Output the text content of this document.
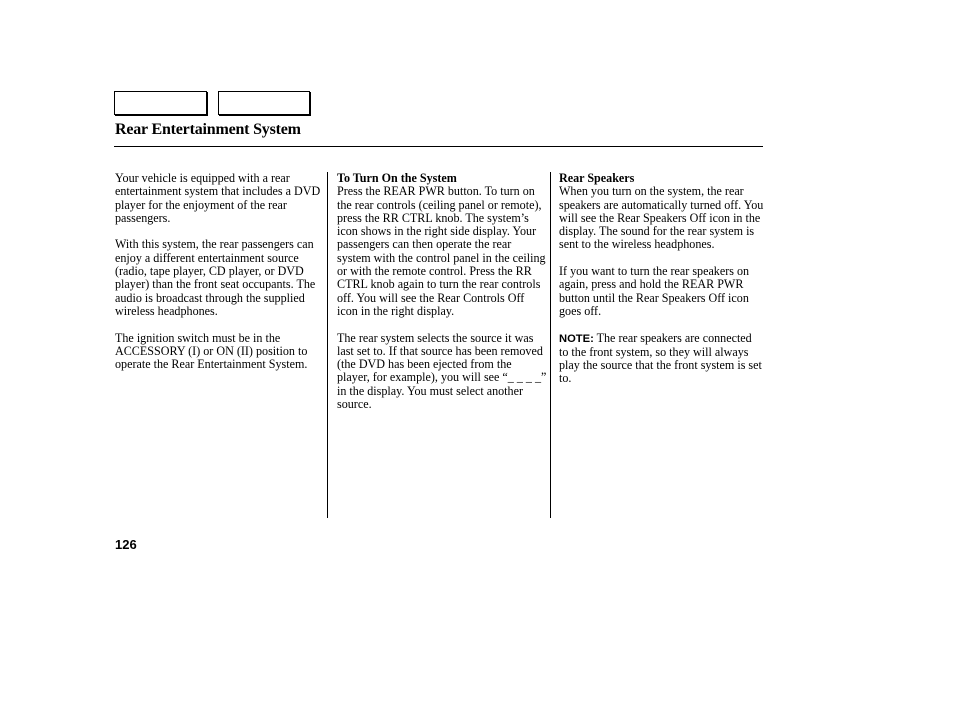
Rear Entertainment System

Your vehicle is equipped with a rear entertainment system that includes a DVD player for the enjoyment of the rear passengers.

With this system, the rear passengers can enjoy a different entertainment source (radio, tape player, CD player, or DVD player) than the front seat occupants. The audio is broadcast through the supplied wireless headphones.

The ignition switch must be in the ACCESSORY (I) or ON (II) position to operate the Rear Entertainment System.

To Turn On the System

Press the REAR PWR button. To turn on the rear controls (ceiling panel or remote), press the RR CTRL knob. The system’s icon shows in the right side display. Your passengers can then operate the rear system with the control panel in the ceiling or with the remote control. Press the RR CTRL knob again to turn the rear controls off. You will see the Rear Controls Off icon in the right display.

The rear system selects the source it was last set to. If that source has been removed (the DVD has been ejected from the player, for example), you will see “_ _ _ _” in the display. You must select another source.

Rear Speakers

When you turn on the system, the rear speakers are automatically turned off. You will see the Rear Speakers Off icon in the display. The sound for the rear system is sent to the wireless headphones.

If you want to turn the rear speakers on again, press and hold the REAR PWR button until the Rear Speakers Off icon goes off.

NOTE: The rear speakers are connected to the front system, so they will always play the source that the front system is set to.

126
